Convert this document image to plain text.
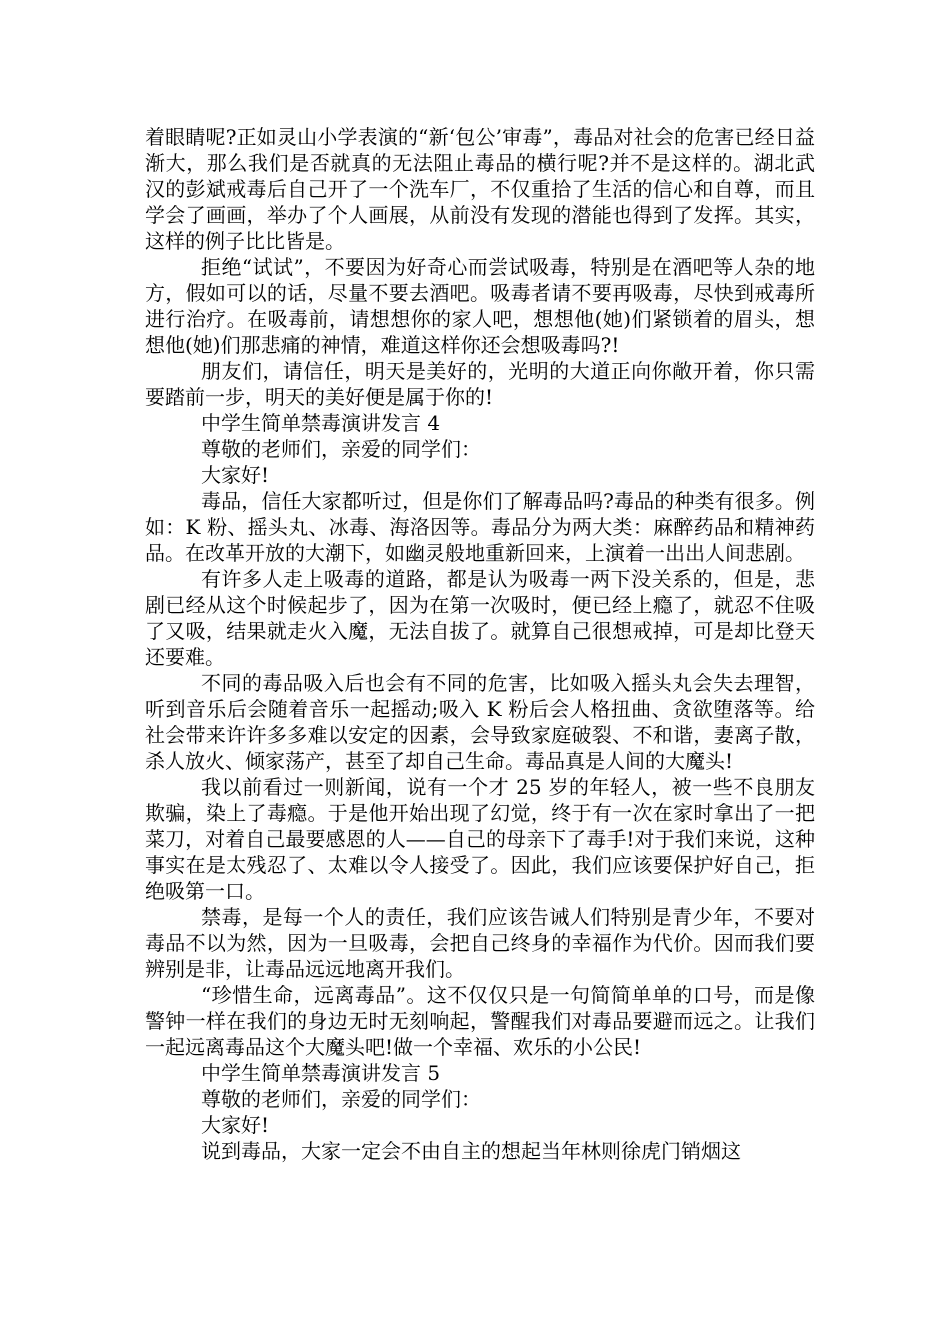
着眼睛呢?正如灵山小学表演的“新‘包公’审毒”，毒品对社会的危害已经日益渐大，那么我们是否就真的无法阻止毒品的横行呢?并不是这样的。湖北武汉的彭斌戒毒后自己开了一个洗车厂，不仅重拾了生活的信心和自尊，而且学会了画画，举办了个人画展，从前没有发现的潜能也得到了发挥。其实，这样的例子比比皆是。

拒绝“试试”，不要因为好奇心而尝试吸毒，特别是在酒吧等人杂的地方，假如可以的话，尽量不要去酒吧。吸毒者请不要再吸毒，尽快到戒毒所进行治疗。在吸毒前，请想想你的家人吧，想想他(她)们紧锁着的眉头，想想他(她)们那悲痛的神情，难道这样你还会想吸毒吗?!

朋友们，请信任，明天是美好的，光明的大道正向你敞开着，你只需要踏前一步，明天的美好便是属于你的!

中学生简单禁毒演讲发言 4

尊敬的老师们，亲爱的同学们：

大家好!

毒品，信任大家都听过，但是你们了解毒品吗?毒品的种类有很多。例如：K 粉、摇头丸、冰毒、海洛因等。毒品分为两大类：麻醉药品和精神药品。在改革开放的大潮下，如幽灵般地重新回来，上演着一出出人间悲剧。

有许多人走上吸毒的道路，都是认为吸毒一两下没关系的，但是，悲剧已经从这个时候起步了，因为在第一次吸时，便已经上瘾了，就忍不住吸了又吸，结果就走火入魔，无法自拔了。就算自己很想戒掉，可是却比登天还要难。

不同的毒品吸入后也会有不同的危害，比如吸入摇头丸会失去理智，听到音乐后会随着音乐一起摇动;吸入 K 粉后会人格扭曲、贪欲堕落等。给社会带来许许多多难以安定的因素，会导致家庭破裂、不和谐，妻离子散，杀人放火、倾家荡产，甚至了却自己生命。毒品真是人间的大魔头!

我以前看过一则新闻，说有一个才 25 岁的年轻人，被一些不良朋友欺骗，染上了毒瘾。于是他开始出现了幻觉，终于有一次在家时拿出了一把菜刀，对着自己最要感恩的人——自己的母亲下了毒手!对于我们来说，这种事实在是太残忍了、太难以令人接受了。因此，我们应该要保护好自己，拒绝吸第一口。

禁毒，是每一个人的责任，我们应该告诫人们特别是青少年，不要对毒品不以为然，因为一旦吸毒，会把自己终身的幸福作为代价。因而我们要辨别是非，让毒品远远地离开我们。

“珍惜生命，远离毒品”。这不仅仅只是一句简简单单的口号，而是像警钟一样在我们的身边无时无刻响起，警醒我们对毒品要避而远之。让我们一起远离毒品这个大魔头吧!做一个幸福、欢乐的小公民!

中学生简单禁毒演讲发言 5

尊敬的老师们，亲爱的同学们：

大家好!

说到毒品，大家一定会不由自主的想起当年林则徐虎门销烟这
